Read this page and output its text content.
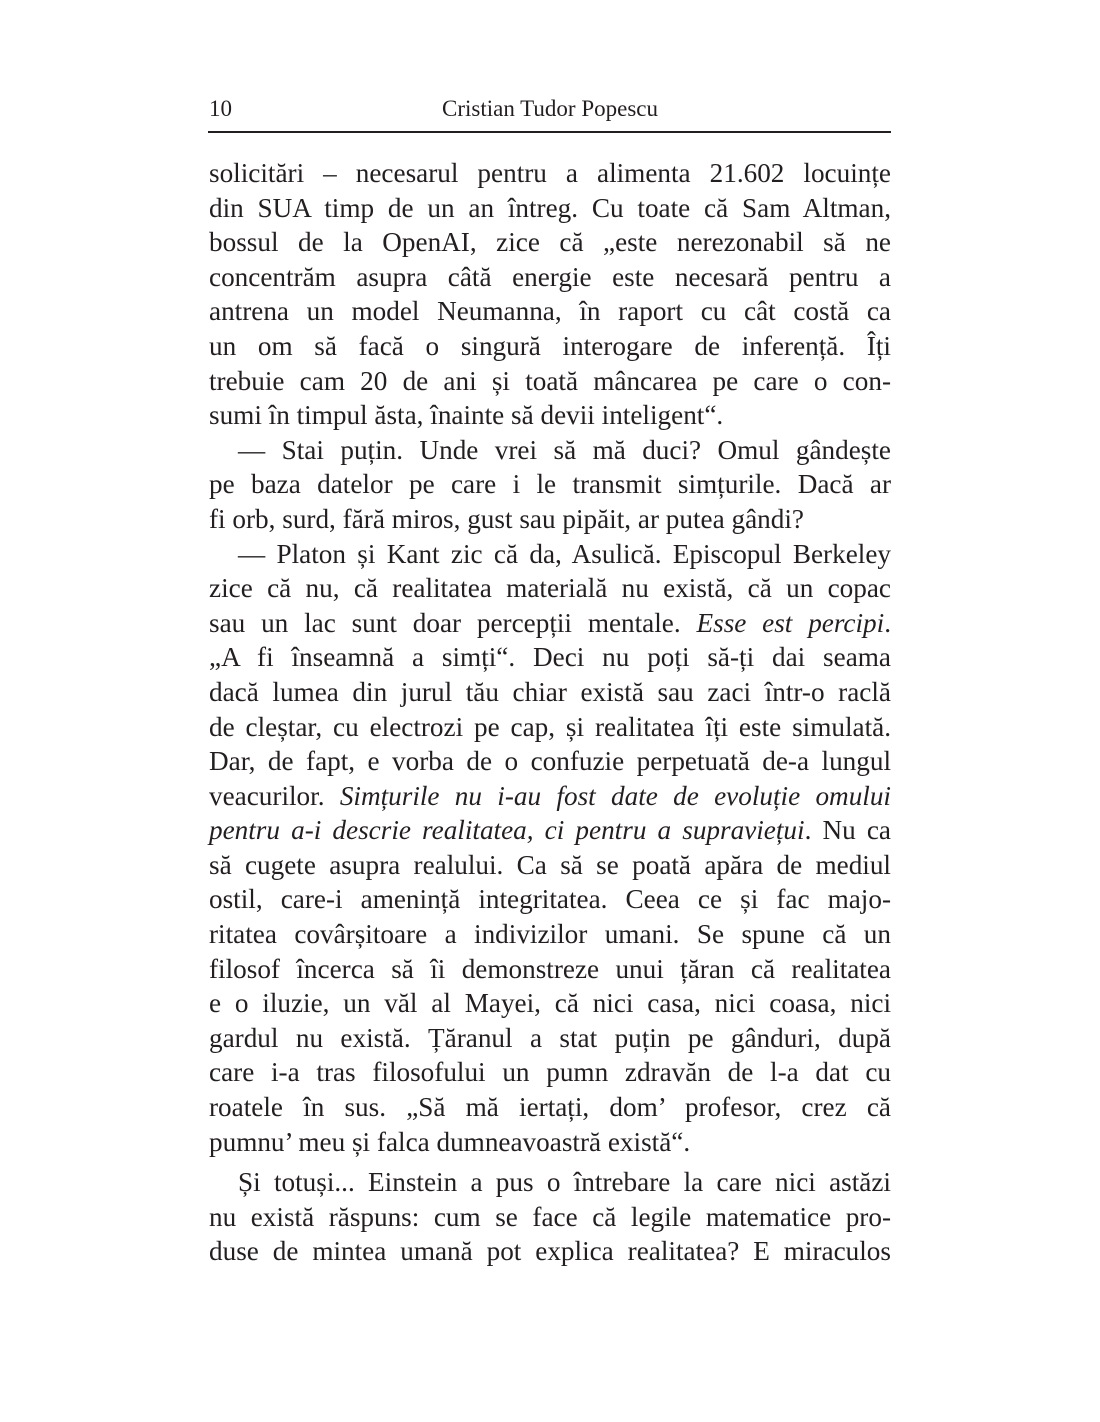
10	Cristian Tudor Popescu
solicitări – necesarul pentru a alimenta 21.602 locuințe
din SUA timp de un an întreg. Cu toate că Sam Altman,
bossul de la OpenAI, zice că „este nerezonabil să ne
concentrăm asupra câtă energie este necesară pentru a
antrena un model Neumanna, în raport cu cât costă ca
un om să facă o singură interogare de inferență. Îți
trebuie cam 20 de ani și toată mâncarea pe care o con-
sumi în timpul ăsta, înainte să devii inteligent“.
— Stai puțin. Unde vrei să mă duci? Omul gândește
pe baza datelor pe care i le transmit simțurile. Dacă ar
fi orb, surd, fără miros, gust sau pipăit, ar putea gândi?
— Platon și Kant zic că da, Asulică. Episcopul Berkeley
zice că nu, că realitatea materială nu există, că un copac
sau un lac sunt doar percepții mentale. Esse est percipi.
„A fi înseamnă a simți“. Deci nu poți să-ți dai seama
dacă lumea din jurul tău chiar există sau zaci într-o raclă
de cleștar, cu electrozi pe cap, și realitatea îți este simulată.
Dar, de fapt, e vorba de o confuzie perpetuată de-a lungul
veacurilor. Simțurile nu i-au fost date de evoluție omului
pentru a-i descrie realitatea, ci pentru a supraviețui. Nu ca
să cugete asupra realului. Ca să se poată apăra de mediul
ostil, care-i amenință integritatea. Ceea ce și fac majo-
ritatea covârșitoare a indivizilor umani. Se spune că un
filosof încerca să îi demonstreze unui țăran că realitatea
e o iluzie, un văl al Mayei, că nici casa, nici coasa, nici
gardul nu există. Țăranul a stat puțin pe gânduri, după
care i-a tras filosofului un pumn zdravăn de l-a dat cu
roatele în sus. „Să mă iertați, dom’ profesor, crez că
pumnu’ meu și falca dumneavoastră există“.
Și totuși... Einstein a pus o întrebare la care nici astăzi
nu există răspuns: cum se face că legile matematice pro-
duse de mintea umană pot explica realitatea? E miraculos
